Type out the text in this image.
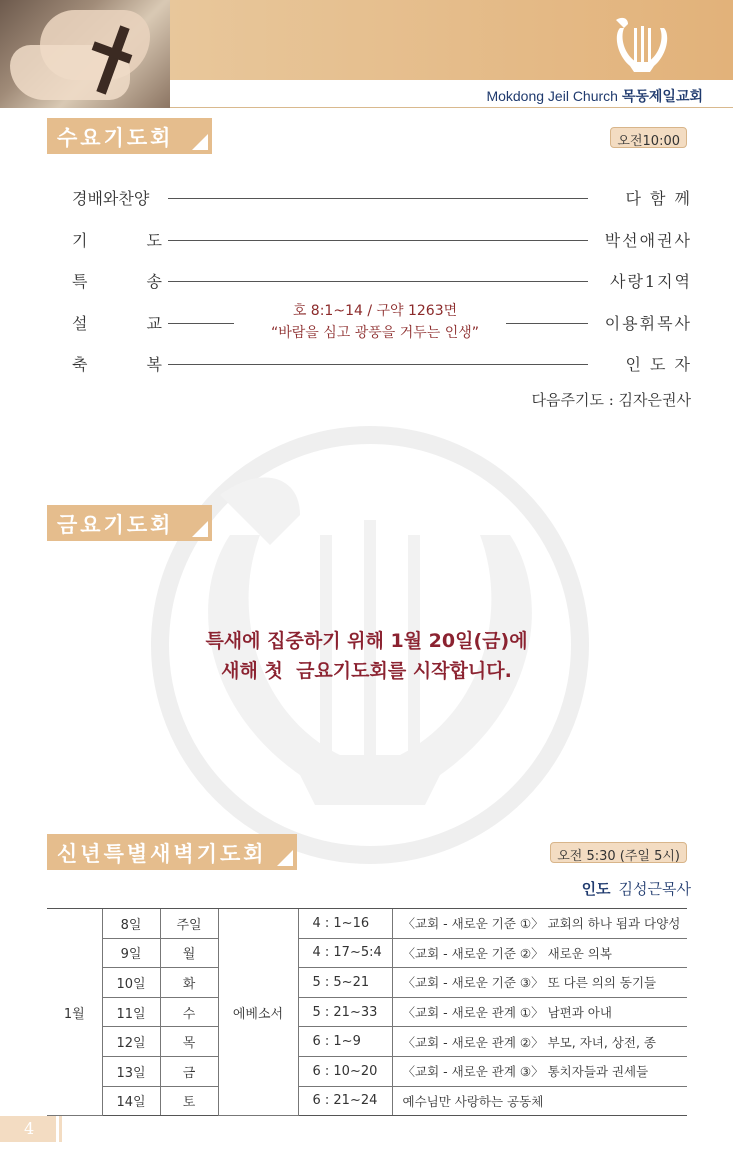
Mokdong Jeil Church 목동제일교회
수요기도회	오전10:00
경배와찬양	다 함 께
기	도	박선애권사
특	송	사랑1지역
설	교	이용휘목사
호 8:1~14 / 구약 1263면
“바람을 심고 광풍을 거두는 인생”
축	복	인 도 자
다음주기도 : 김자은권사
금요기도회
특새에 집중하기 위해 1월 20일(금)에
새해 첫  금요기도회를 시작합니다.
신년특별새벽기도회	오전 5:30 (주일 5시)
인도 김성근목사
1월	8일	주일	에베소서	4 : 1~16	〈교회 - 새로운 기준 ①〉 교회의 하나 됨과 다양성
	9일	월		4 : 17~5:4	〈교회 - 새로운 기준 ②〉 새로운 의복
	10일	화		5 : 5~21	〈교회 - 새로운 기준 ③〉 또 다른 의의 동기들
	11일	수		5 : 21~33	〈교회 - 새로운 관계 ①〉 남편과 아내
	12일	목		6 : 1~9	〈교회 - 새로운 관계 ②〉 부모, 자녀, 상전, 종
	13일	금		6 : 10~20	〈교회 - 새로운 관계 ③〉 통치자들과 권세들
	14일	토		6 : 21~24	예수님만 사랑하는 공동체
4
